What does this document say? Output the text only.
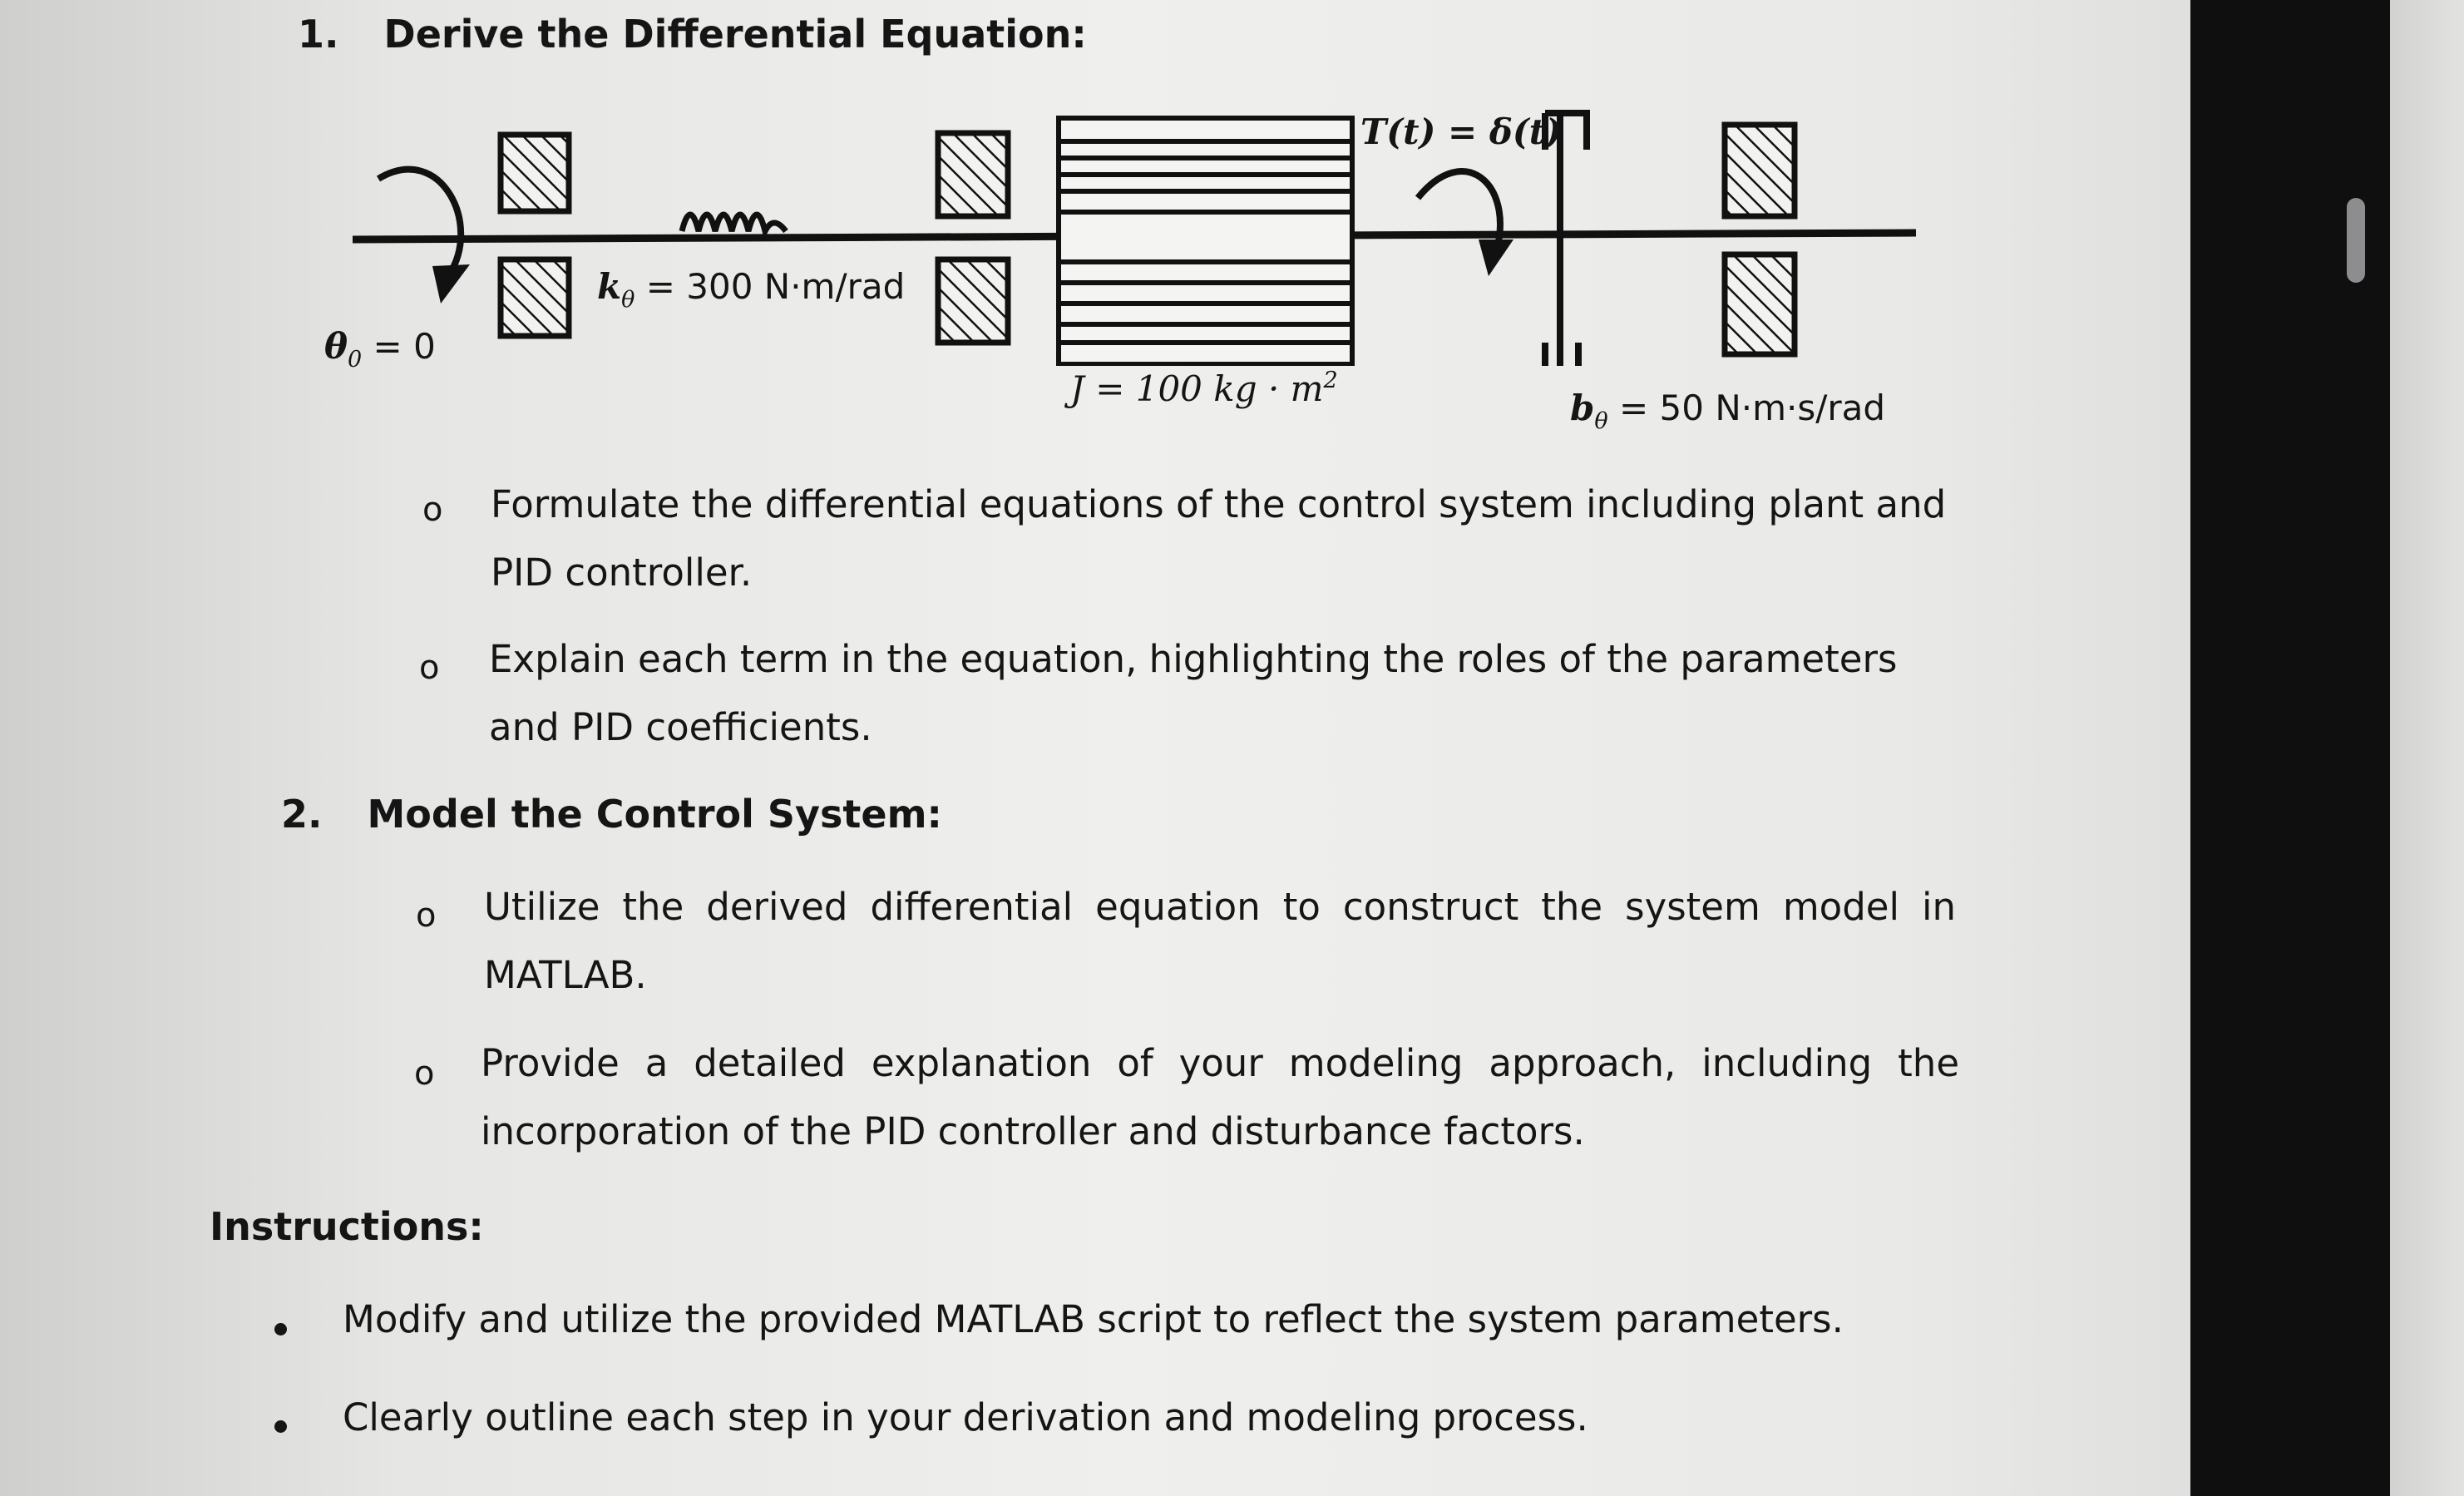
1. Derive the Differential Equation:
$\theta_0 = 0$
$k_\theta = 300$ N·m/rad
J = 100 kg · $m^2$
T(t) = δ(t)
$b_\theta = 50$ N·m·s/rad
o Formulate the differential equations of the control system including plant and PID controller.
o Explain each term in the equation, highlighting the roles of the parameters and PID coefficients.
2. Model the Control System:
o Utilize the derived differential equation to construct the system model in MATLAB.
o Provide a detailed explanation of your modeling approach, including the incorporation of the PID controller and disturbance factors.
Instructions:
Modify and utilize the provided MATLAB script to reflect the system parameters.
Clearly outline each step in your derivation and modeling process.
